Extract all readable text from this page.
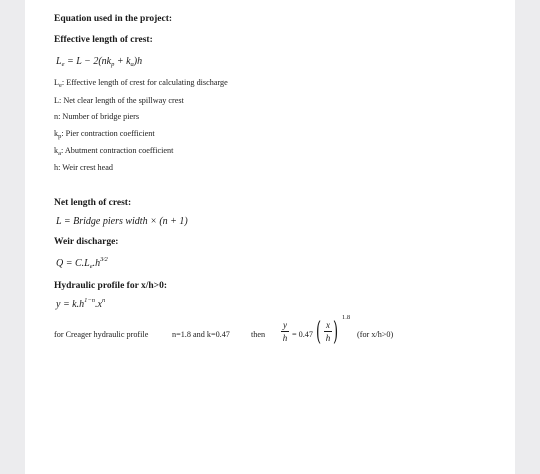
Equation used in the project:
Effective length of crest:
$L_e = L - 2(nk_p + k_a)h$
$L_e$: Effective length of crest for calculating discharge
L: Net clear length of the spillway crest
n: Number of bridge piers
$k_p$: Pier contraction coefficient
$k_a$: Abutment contraction coefficient
h: Weir crest head
Net length of crest:
L = Bridge piers width × (n + 1)
Weir discharge:
$Q = C.L_e.h^{3⁄2}$
Hydraulic profile for x/h>0:
$y = k.h^{1-n}.x^n$
for Creager hydraulic profile	n=1.8 and k=0.47	then
y
h = 0.47 ( x
h ) 1.8
(for x/h>0)
